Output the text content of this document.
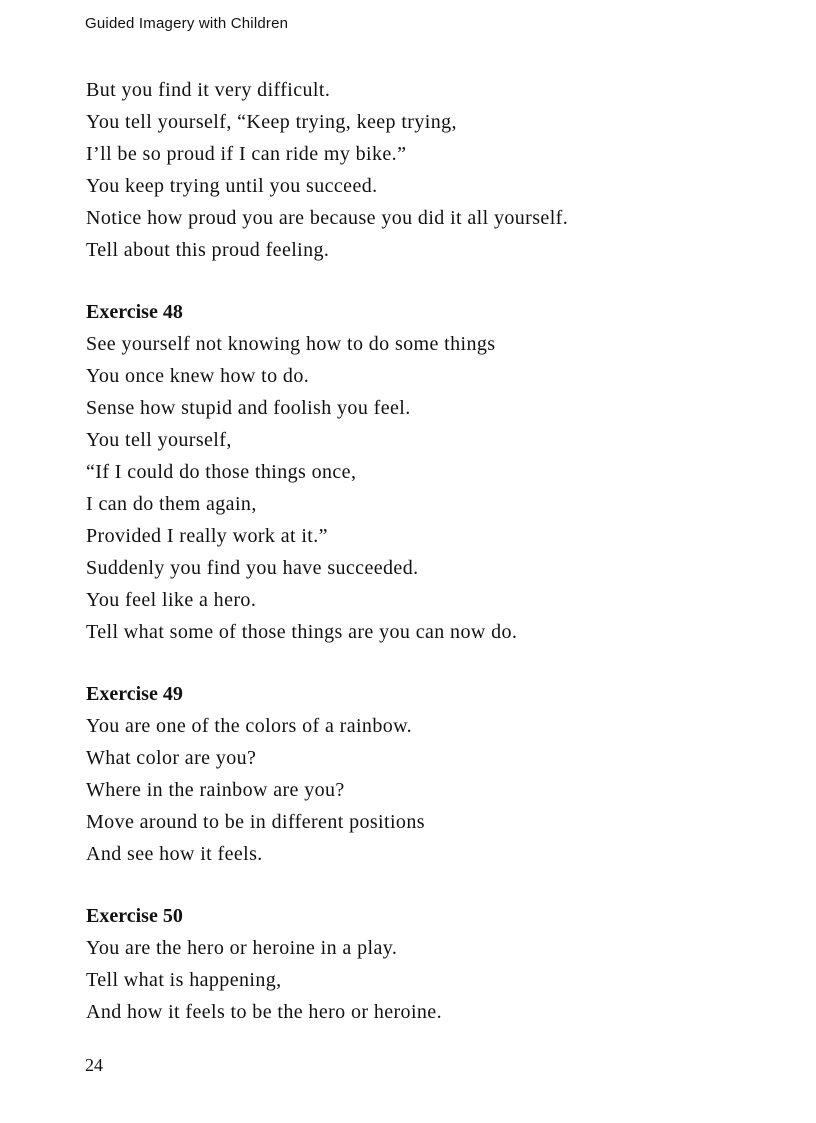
Guided Imagery with Children
But you find it very difficult.
You tell yourself, “Keep trying, keep trying,
I’ll be so proud if I can ride my bike.”
You keep trying until you succeed.
Notice how proud you are because you did it all yourself.
Tell about this proud feeling.
Exercise 48
See yourself not knowing how to do some things
You once knew how to do.
Sense how stupid and foolish you feel.
You tell yourself,
“If I could do those things once,
I can do them again,
Provided I really work at it.”
Suddenly you find you have succeeded.
You feel like a hero.
Tell what some of those things are you can now do.
Exercise 49
You are one of the colors of a rainbow.
What color are you?
Where in the rainbow are you?
Move around to be in different positions
And see how it feels.
Exercise 50
You are the hero or heroine in a play.
Tell what is happening,
And how it feels to be the hero or heroine.
24
